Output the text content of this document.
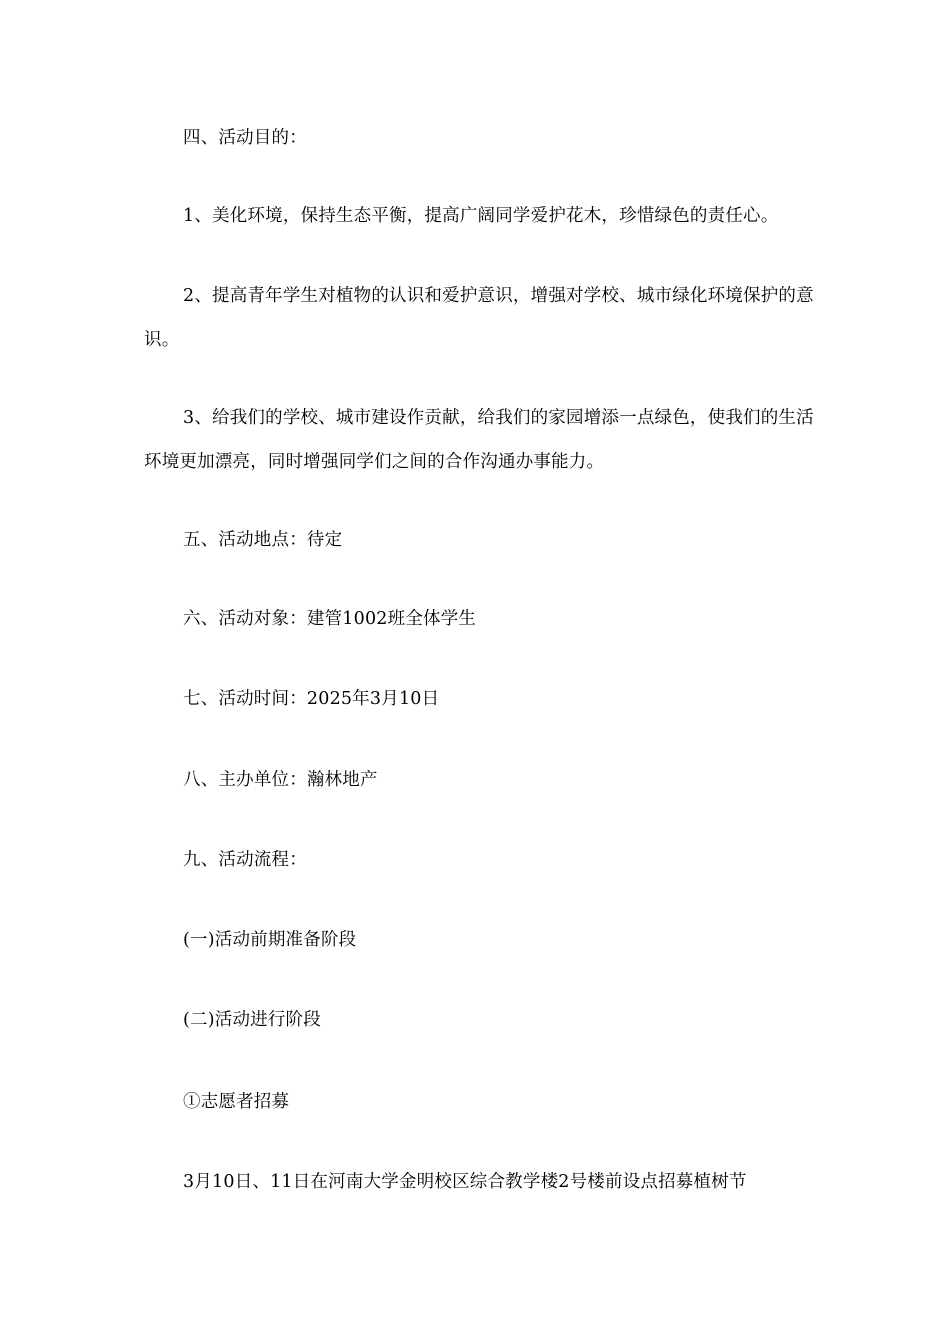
四、活动目的：

1、美化环境，保持生态平衡，提高广阔同学爱护花木，珍惜绿色的责任心。

2、提高青年学生对植物的认识和爱护意识，增强对学校、城市绿化环境保护的意识。

3、给我们的学校、城市建设作贡献，给我们的家园增添一点绿色，使我们的生活环境更加漂亮，同时增强同学们之间的合作沟通办事能力。

五、活动地点：待定

六、活动对象：建管1002班全体学生

七、活动时间：2025年3月10日

八、主办单位：瀚林地产

九、活动流程：

(一)活动前期准备阶段

(二)活动进行阶段

①志愿者招募

3月10日、11日在河南大学金明校区综合教学楼2号楼前设点招募植树节
